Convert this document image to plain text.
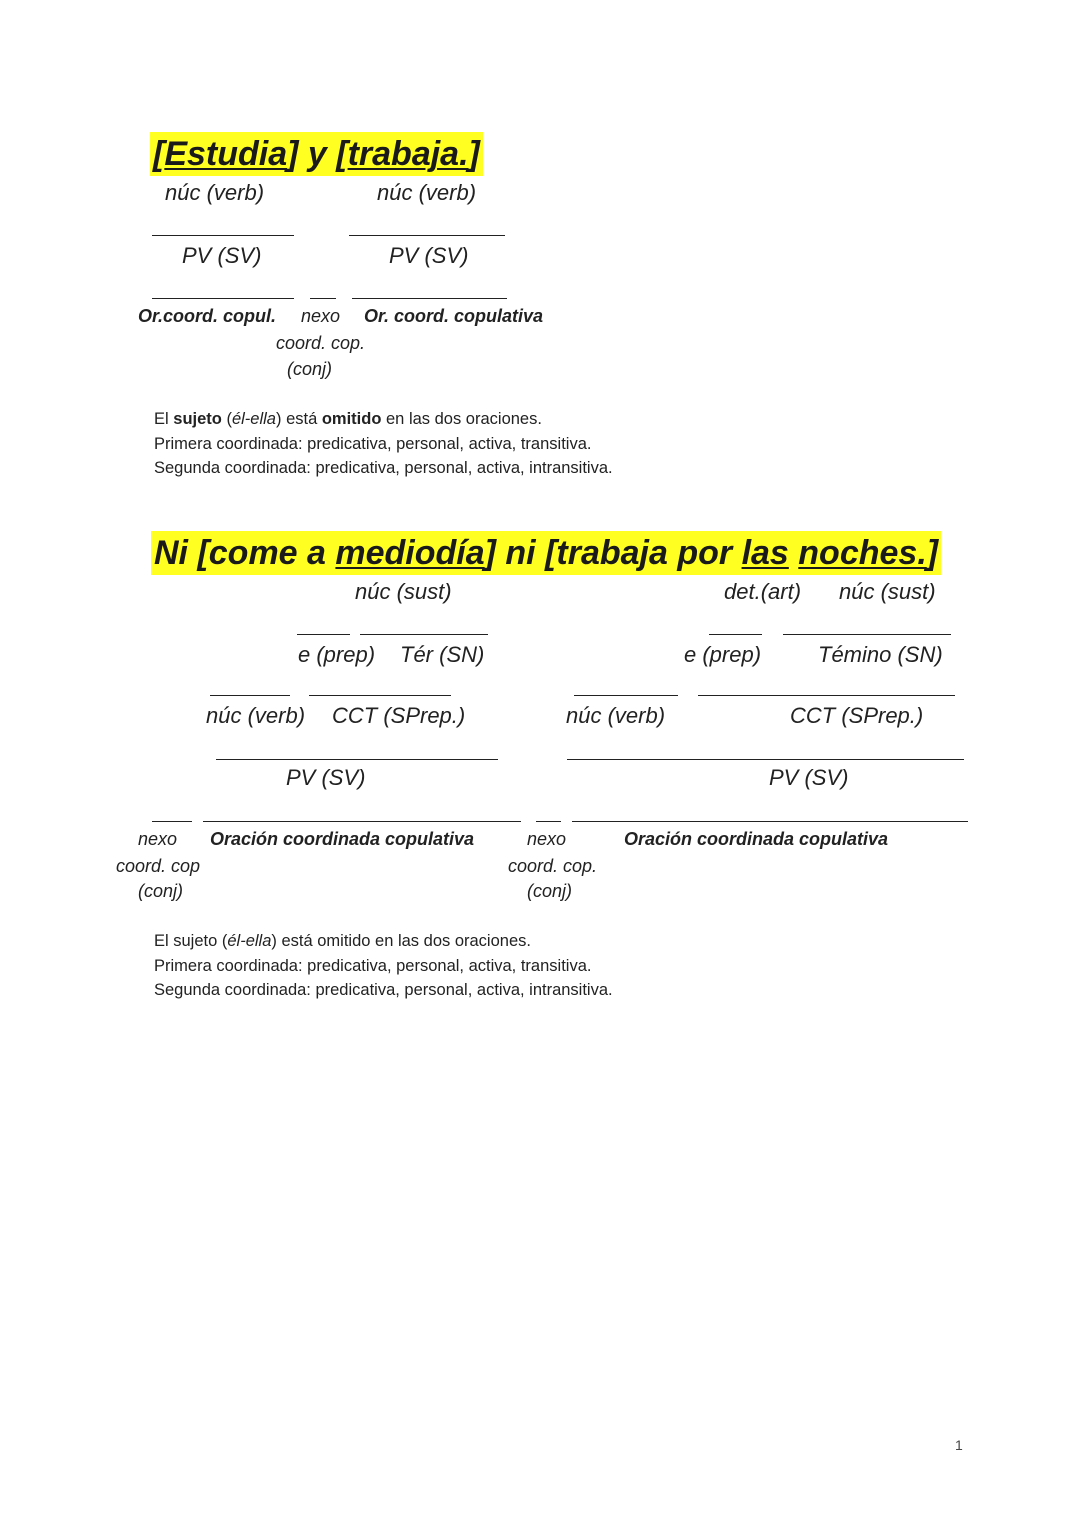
[Estudia] y [trabaja.]
núc (verb)	núc (verb)
PV (SV)	PV (SV)
Or.coord. copul. nexo Or. coord. copulativa
coord. cop.
(conj)
El sujeto (él-ella) está omitido en las dos oraciones.
Primera coordinada: predicativa, personal, activa, transitiva.
Segunda coordinada: predicativa, personal, activa, intransitiva.
Ni [come a mediodía] ni [trabaja por las noches.]
núc (sust)	det.(art) núc (sust)
e (prep) Tér (SN)	e (prep)	Témino (SN)
núc (verb) CCT (SPrep.)	núc (verb)	CCT (SPrep.)
PV (SV)	PV (SV)
nexo Oración coordinada copulativa	nexo	Oración coordinada copulativa
coord. cop	coord. cop.
(conj)	(conj)
El sujeto (él-ella) está omitido en las dos oraciones.
Primera coordinada: predicativa, personal, activa, transitiva.
Segunda coordinada: predicativa, personal, activa, intransitiva.
1
